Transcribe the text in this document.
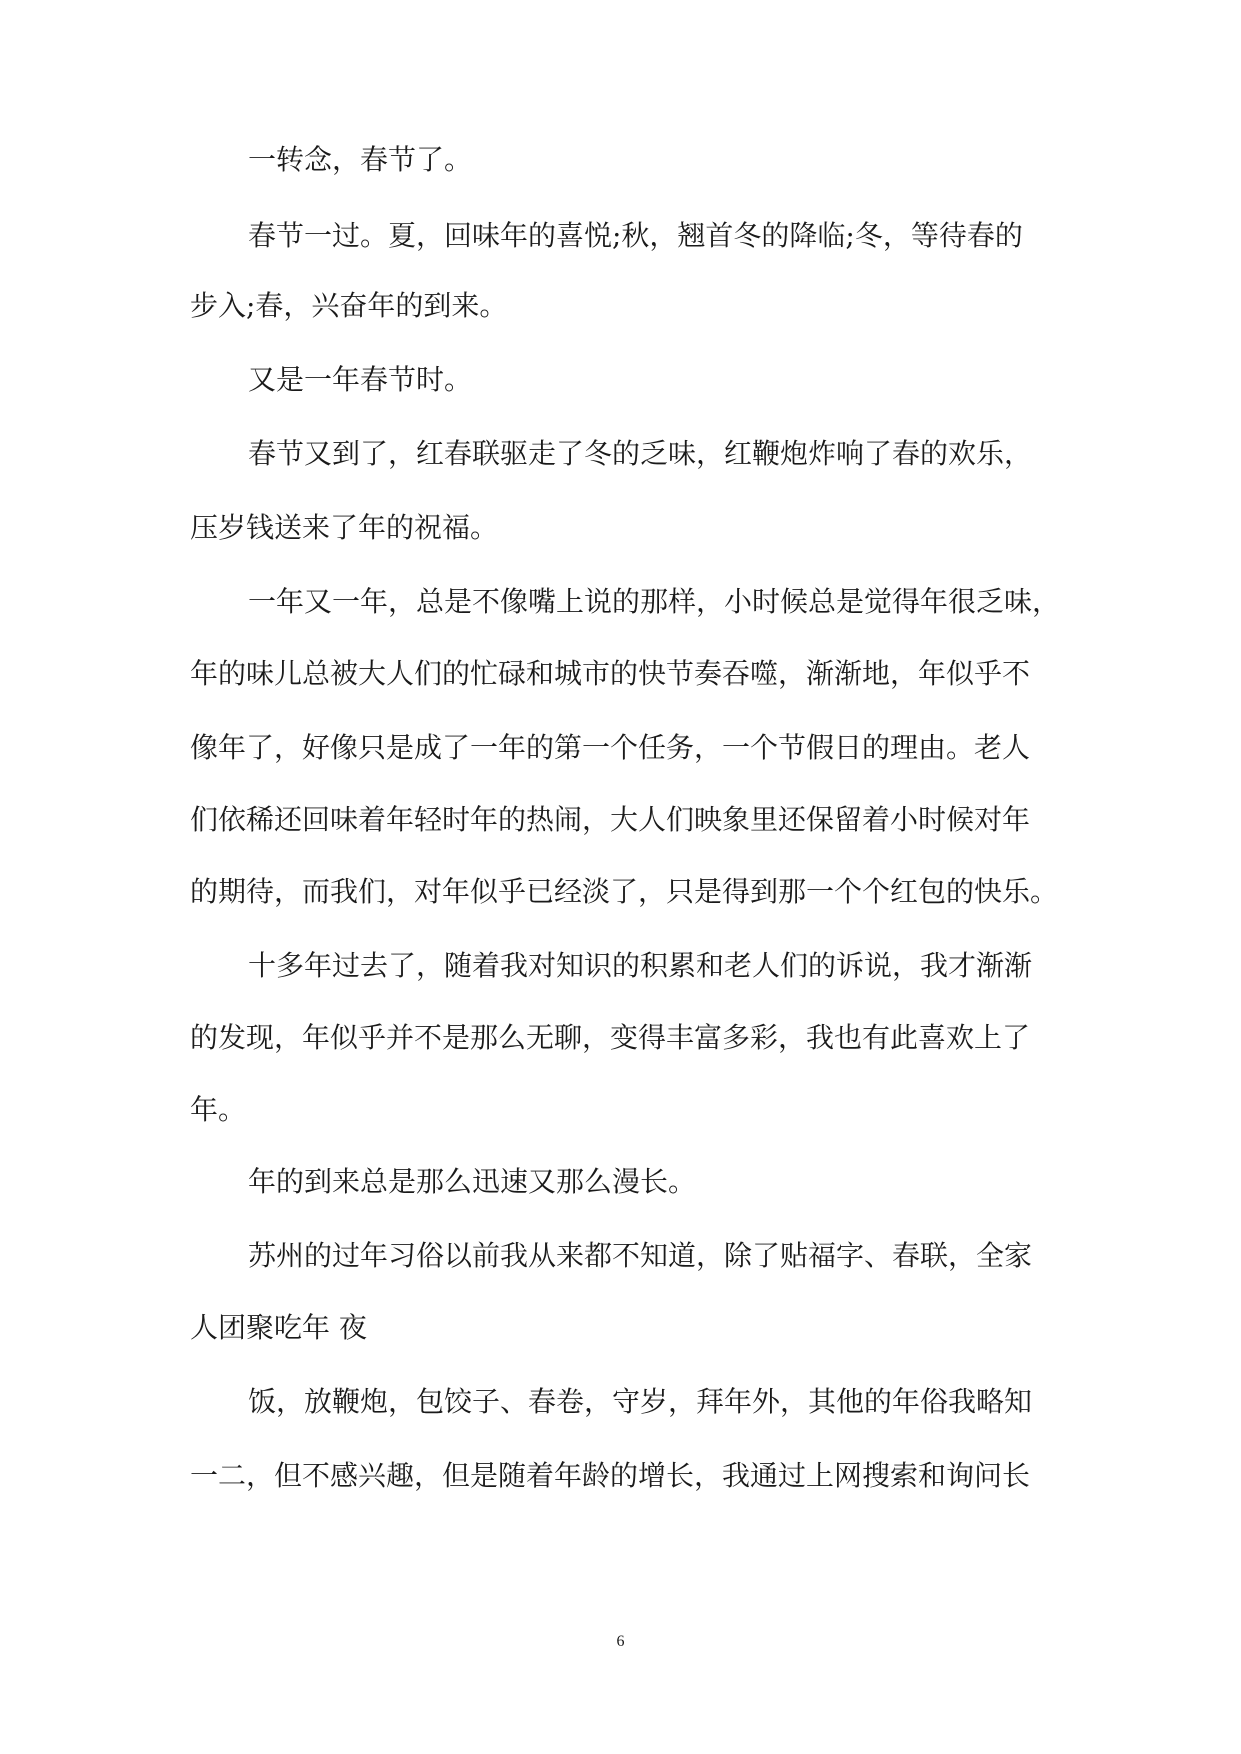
一转念，春节了。
春节一过。夏，回味年的喜悦;秋，翘首冬的降临;冬，等待春的
步入;春，兴奋年的到来。
又是一年春节时。
春节又到了，红春联驱走了冬的乏味，红鞭炮炸响了春的欢乐，
压岁钱送来了年的祝福。
一年又一年，总是不像嘴上说的那样，小时候总是觉得年很乏味，
年的味儿总被大人们的忙碌和城市的快节奏吞噬，渐渐地，年似乎不
像年了，好像只是成了一年的第一个任务，一个节假日的理由。老人
们依稀还回味着年轻时年的热闹，大人们映象里还保留着小时候对年
的期待，而我们，对年似乎已经淡了，只是得到那一个个红包的快乐。
十多年过去了，随着我对知识的积累和老人们的诉说，我才渐渐
的发现，年似乎并不是那么无聊，变得丰富多彩，我也有此喜欢上了
年。
年的到来总是那么迅速又那么漫长。
苏州的过年习俗以前我从来都不知道，除了贴福字、春联，全家
人团聚吃年 夜
饭，放鞭炮，包饺子、春卷，守岁，拜年外，其他的年俗我略知
一二，但不感兴趣，但是随着年龄的增长，我通过上网搜索和询问长
6
